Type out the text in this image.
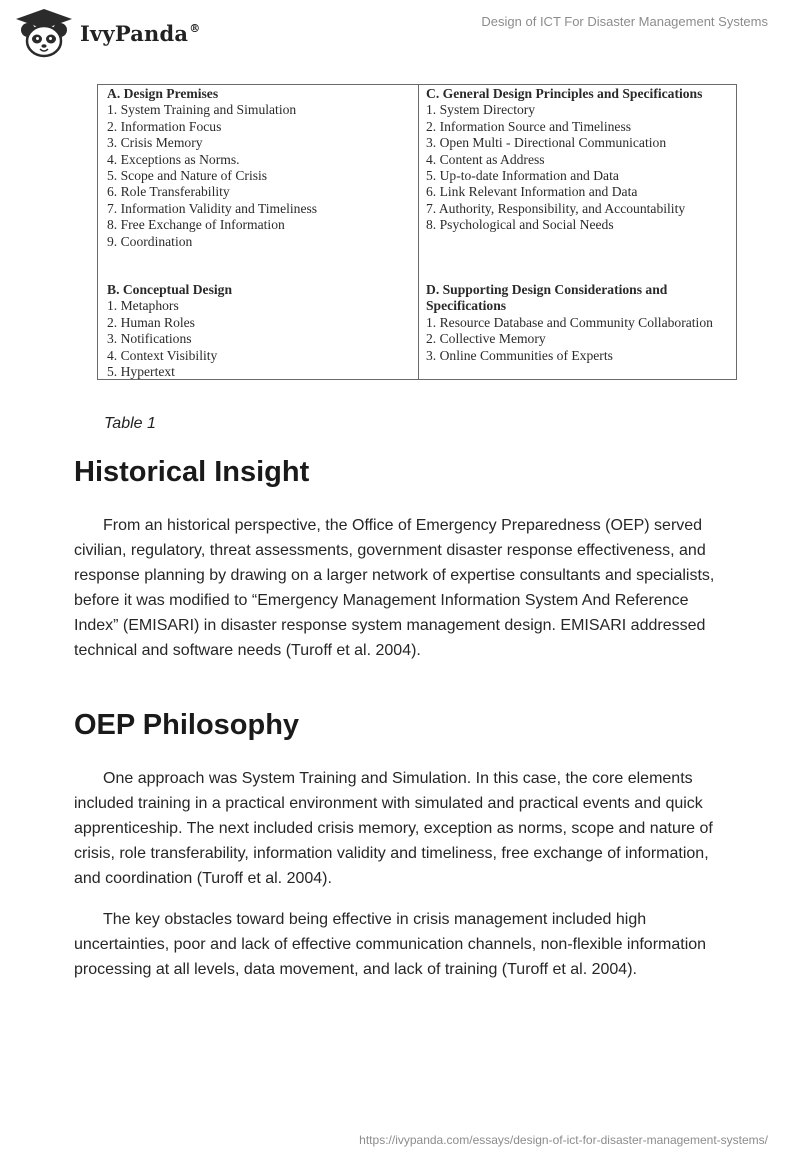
IvyPanda®	Design of ICT For Disaster Management Systems
A. Design Premises
1. System Training and Simulation
2. Information Focus
3. Crisis Memory
4. Exceptions as Norms.
5. Scope and Nature of Crisis
6. Role Transferability
7. Information Validity and Timeliness
8. Free Exchange of Information
9. Coordination
C. General Design Principles and Specifications
1. System Directory
2. Information Source and Timeliness
3. Open Multi - Directional Communication
4. Content as Address
5. Up-to-date Information and Data
6. Link Relevant Information and Data
7. Authority, Responsibility, and Accountability
8. Psychological and Social Needs
B. Conceptual Design
1. Metaphors
2. Human Roles
3. Notifications
4. Context Visibility
5. Hypertext
D. Supporting Design Considerations and Specifications
1. Resource Database and Community Collaboration
2. Collective Memory
3. Online Communities of Experts
Table 1
Historical Insight

From an historical perspective, the Office of Emergency Preparedness (OEP) served civilian, regulatory, threat assessments, government disaster response effectiveness, and response planning by drawing on a larger network of expertise consultants and specialists, before it was modified to “Emergency Management Information System And Reference Index” (EMISARI) in disaster response system management design. EMISARI addressed technical and software needs (Turoff et al. 2004).

OEP Philosophy

One approach was System Training and Simulation. In this case, the core elements included training in a practical environment with simulated and practical events and quick apprenticeship. The next included crisis memory, exception as norms, scope and nature of crisis, role transferability, information validity and timeliness, free exchange of information, and coordination (Turoff et al. 2004).

The key obstacles toward being effective in crisis management included high uncertainties, poor and lack of effective communication channels, non-flexible information processing at all levels, data movement, and lack of training (Turoff et al. 2004).

https://ivypanda.com/essays/design-of-ict-for-disaster-management-systems/
